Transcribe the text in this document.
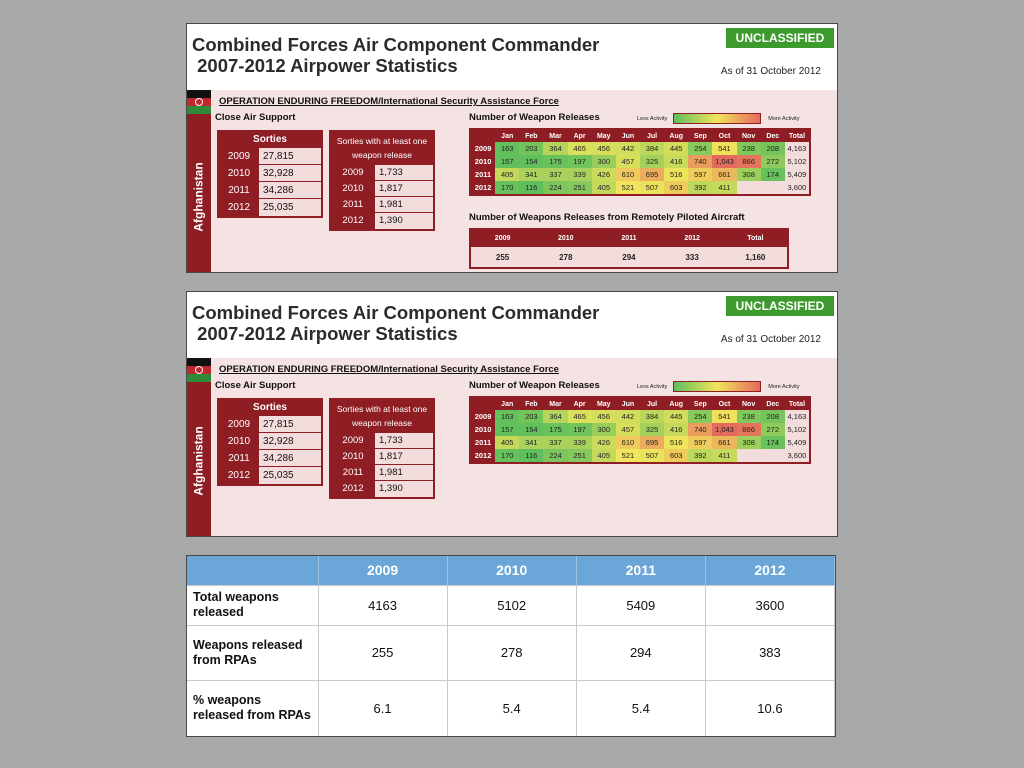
Combined Forces Air Component Commander
2007-2012 Airpower Statistics
UNCLASSIFIED
As of 31 October 2012
Afghanistan
OPERATION ENDURING FREEDOM/International Security Assistance Force
Close Air Support
Sorties
2009	27,815
2010	32,928
2011	34,286
2012	25,035
Sorties with at least one weapon release
2009	1,733
2010	1,817
2011	1,981
2012	1,390
Number of Weapon Releases	Less Activity	More Activity
	Jan	Feb	Mar	Apr	May	Jun	Jul	Aug	Sep	Oct	Nov	Dec	Total
2009	163	203	364	465	456	442	384	445	254	541	238	208	4,163
2010	157	154	175	197	300	457	325	416	740	1,043	866	272	5,102
2011	405	341	337	339	426	610	695	516	597	661	308	174	5,409
2012	170	116	224	251	405	521	507	603	392	411			3,600
Number of Weapons Releases from Remotely Piloted Aircraft
2009	2010	2011	2012	Total
255	278	294	333	1,160
Combined Forces Air Component Commander
2007-2012 Airpower Statistics
UNCLASSIFIED
As of 31 October 2012
Afghanistan
OPERATION ENDURING FREEDOM/International Security Assistance Force
Close Air Support
Sorties
2009	27,815
2010	32,928
2011	34,286
2012	25,035
Sorties with at least one weapon release
2009	1,733
2010	1,817
2011	1,981
2012	1,390
Number of Weapon Releases	Less Activity	More Activity
	Jan	Feb	Mar	Apr	May	Jun	Jul	Aug	Sep	Oct	Nov	Dec	Total
2009	163	203	364	465	456	442	384	445	254	541	238	208	4,163
2010	157	154	175	197	300	457	325	416	740	1,043	866	272	5,102
2011	405	341	337	339	426	610	695	516	597	661	308	174	5,409
2012	170	116	224	251	405	521	507	603	392	411			3,600
	2009	2010	2011	2012
Total weapons released	4163	5102	5409	3600
Weapons released from RPAs	255	278	294	383
% weapons released from RPAs	6.1	5.4	5.4	10.6
